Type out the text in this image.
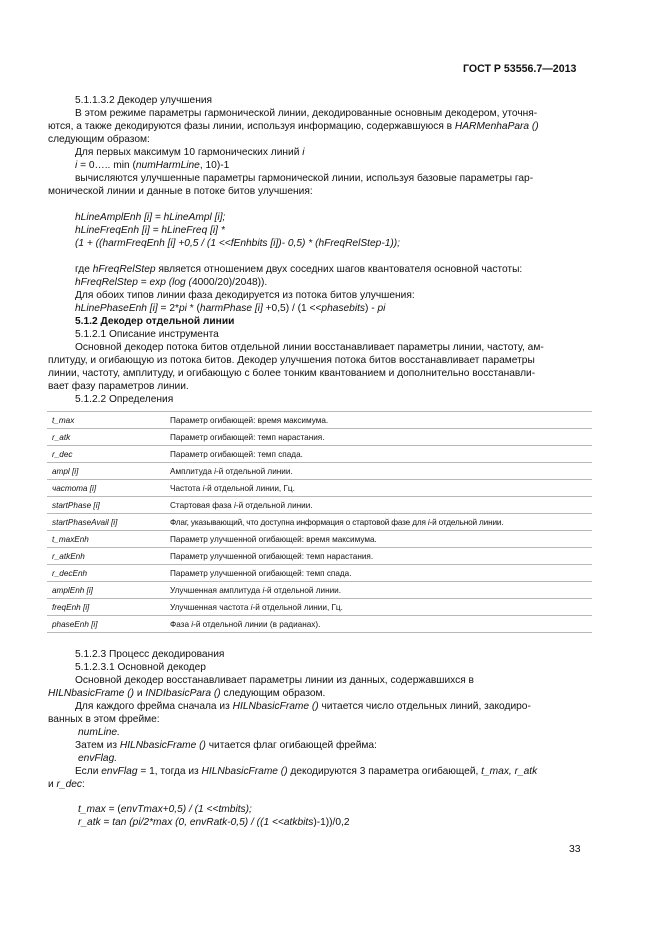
ГОСТ Р 53556.7—2013
5.1.1.3.2 Декодер улучшения
В этом режиме параметры гармонической линии, декодированные основным декодером, уточня-
ются, а также декодируются фазы линии, используя информацию, содержавшуюся в HARMenhaPara ()
следующим образом:
Для первых максимум 10 гармонических линий i
i = 0….. min (numHarmLine, 10)-1
вычисляются улучшенные параметры гармонической линии, используя базовые параметры гар-
монической линии и данные в потоке битов улучшения:
hLineAmplEnh [i] = hLineAmpl [i];
hLineFreqEnh [i] = hLineFreq [i] *
(1 + ((harmFreqEnh [i] +0,5 / (1 <<fEnhbits [i])- 0,5) * (hFreqRelStep-1));
где hFreqRelStep является отношением двух соседних шагов квантователя основной частоты:
hFreqRelStep = exp (log (4000/20)/2048)).
Для обоих типов линии фаза декодируется из потока битов улучшения:
hLinePhaseEnh [i] = 2*pi * (harmPhase [i] +0,5) / (1 <<phasebits) - pi
5.1.2 Декодер отдельной линии
5.1.2.1 Описание инструмента
Основной декодер потока битов отдельной линии восстанавливает параметры линии, частоту, ам-
плитуду, и огибающую из потока битов. Декодер улучшения потока битов восстанавливает параметры
линии, частоту, амплитуду, и огибающую с более тонким квантованием и дополнительно восстанавли-
вает фазу параметров линии.
5.1.2.2 Определения
t_max	Параметр огибающей: время максимума.
r_atk	Параметр огибающей: темп нарастания.
r_dec	Параметр огибающей: темп спада.
ampl [i]	Амплитуда i-й отдельной линии.
частота [i]	Частота i-й отдельной линии, Гц.
startPhase [i]	Стартовая фаза i-й отдельной линии.
startPhaseAvail [i]	Флаг, указывающий, что доступна информация о стартовой фазе для i-й отдельной линии.
t_maxEnh	Параметр улучшенной огибающей: время максимума.
r_atkEnh	Параметр улучшенной огибающей: темп нарастания.
r_decEnh	Параметр улучшенной огибающей: темп спада.
amplEnh [i]	Улучшенная амплитуда i-й отдельной линии.
freqEnh [i]	Улучшенная частота i-й отдельной линии, Гц.
phaseEnh [i]	Фаза i-й отдельной линии (в радианах).
5.1.2.3 Процесс декодирования
5.1.2.3.1 Основной декодер
Основной декодер восстанавливает параметры линии из данных, содержавшихся в
HILNbasicFrame () и INDIbasicPara () следующим образом.
Для каждого фрейма сначала из HILNbasicFrame () читается число отдельных линий, закодиро-
ванных в этом фрейме:
numLine.
Затем из HILNbasicFrame () читается флаг огибающей фрейма:
envFlag.
Если envFlag = 1, тогда из HILNbasicFrame () декодируются 3 параметра огибающей, t_max, r_atk
и r_dec:
t_max = (envTmax+0,5) / (1 <<tmbits);
r_atk = tan (pi/2*max (0, envRatk-0,5) / ((1 <<atkbits)-1))/0,2
33
